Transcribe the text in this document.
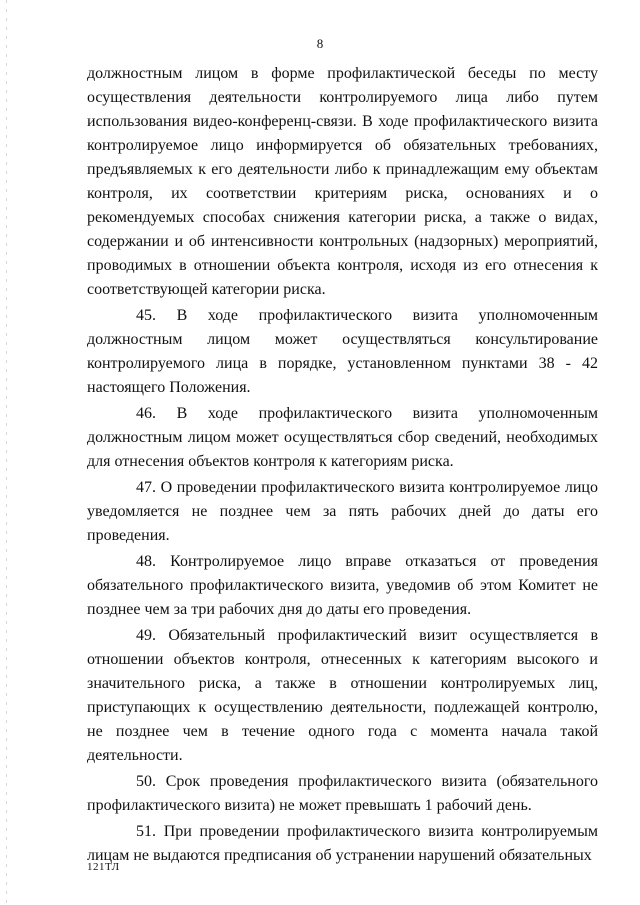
8

должностным лицом в форме профилактической беседы по месту осуществления деятельности контролируемого лица либо путем использования видео-конференц-связи. В ходе профилактического визита контролируемое лицо информируется об обязательных требованиях, предъявляемых к его деятельности либо к принадлежащим ему объектам контроля, их соответствии критериям риска, основаниях и о рекомендуемых способах снижения категории риска, а также о видах, содержании и об интенсивности контрольных (надзорных) мероприятий, проводимых в отношении объекта контроля, исходя из его отнесения к соответствующей категории риска.

45. В ходе профилактического визита уполномоченным должностным лицом может осуществляться консультирование контролируемого лица в порядке, установленном пунктами 38 - 42 настоящего Положения.

46. В ходе профилактического визита уполномоченным должностным лицом может осуществляться сбор сведений, необходимых для отнесения объектов контроля к категориям риска.

47. О проведении профилактического визита контролируемое лицо уведомляется не позднее чем за пять рабочих дней до даты его проведения.

48. Контролируемое лицо вправе отказаться от проведения обязательного профилактического визита, уведомив об этом Комитет не позднее чем за три рабочих дня до даты его проведения.

49. Обязательный профилактический визит осуществляется в отношении объектов контроля, отнесенных к категориям высокого и значительного риска, а также в отношении контролируемых лиц, приступающих к осуществлению деятельности, подлежащей контролю, не позднее чем в течение одного года с момента начала такой деятельности.

50. Срок проведения профилактического визита (обязательного профилактического визита) не может превышать 1 рабочий день.

51. При проведении профилактического визита контролируемым лицам не выдаются предписания об устранении нарушений обязательных

121ТЛ
